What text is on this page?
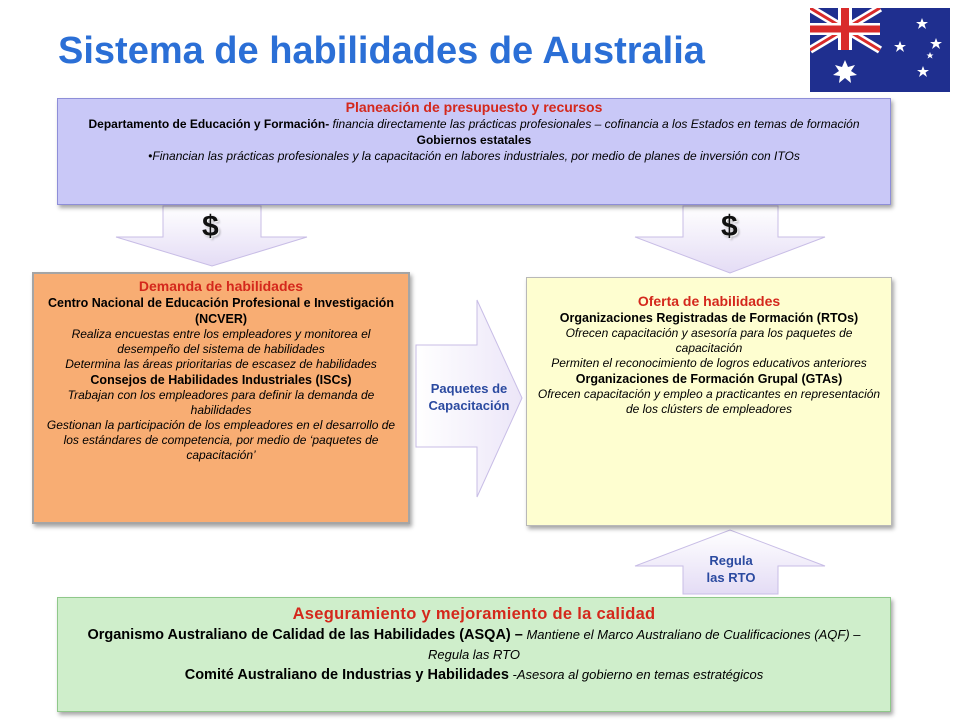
Sistema de habilidades de Australia
$	$
Paquetes de
Capacitación
Regula
las RTO
Planeación de presupuesto y recursos
Departamento de Educación y Formación- financia directamente las prácticas profesionales – cofinancia a los Estados en temas de formación
Gobiernos estatales
•Financian las prácticas profesionales y la capacitación en labores industriales, por medio de planes de inversión con ITOs
Demanda de habilidades
Centro Nacional de Educación Profesional e Investigación (NCVER)
Realiza encuestas entre los empleadores y monitorea el desempeño del sistema de habilidades
Determina las áreas prioritarias de escasez de habilidades
Consejos de Habilidades Industriales (ISCs)
Trabajan con los empleadores para definir la demanda de habilidades
Gestionan la participación de los empleadores en el desarrollo de los estándares de competencia, por medio de ‘paquetes de capacitación’
Oferta de habilidades
Organizaciones Registradas de Formación (RTOs)
Ofrecen capacitación y asesoría para los paquetes de capacitación
Permiten el reconocimiento de logros educativos anteriores
Organizaciones de Formación Grupal (GTAs)
Ofrecen capacitación y empleo a practicantes en representación de los clústers de empleadores
Aseguramiento y mejoramiento de la calidad
Organismo Australiano de Calidad de las Habilidades (ASQA) – Mantiene el Marco Australiano de Cualificaciones (AQF) – Regula las RTO
Comité Australiano de Industrias y Habilidades -Asesora al gobierno en temas estratégicos
